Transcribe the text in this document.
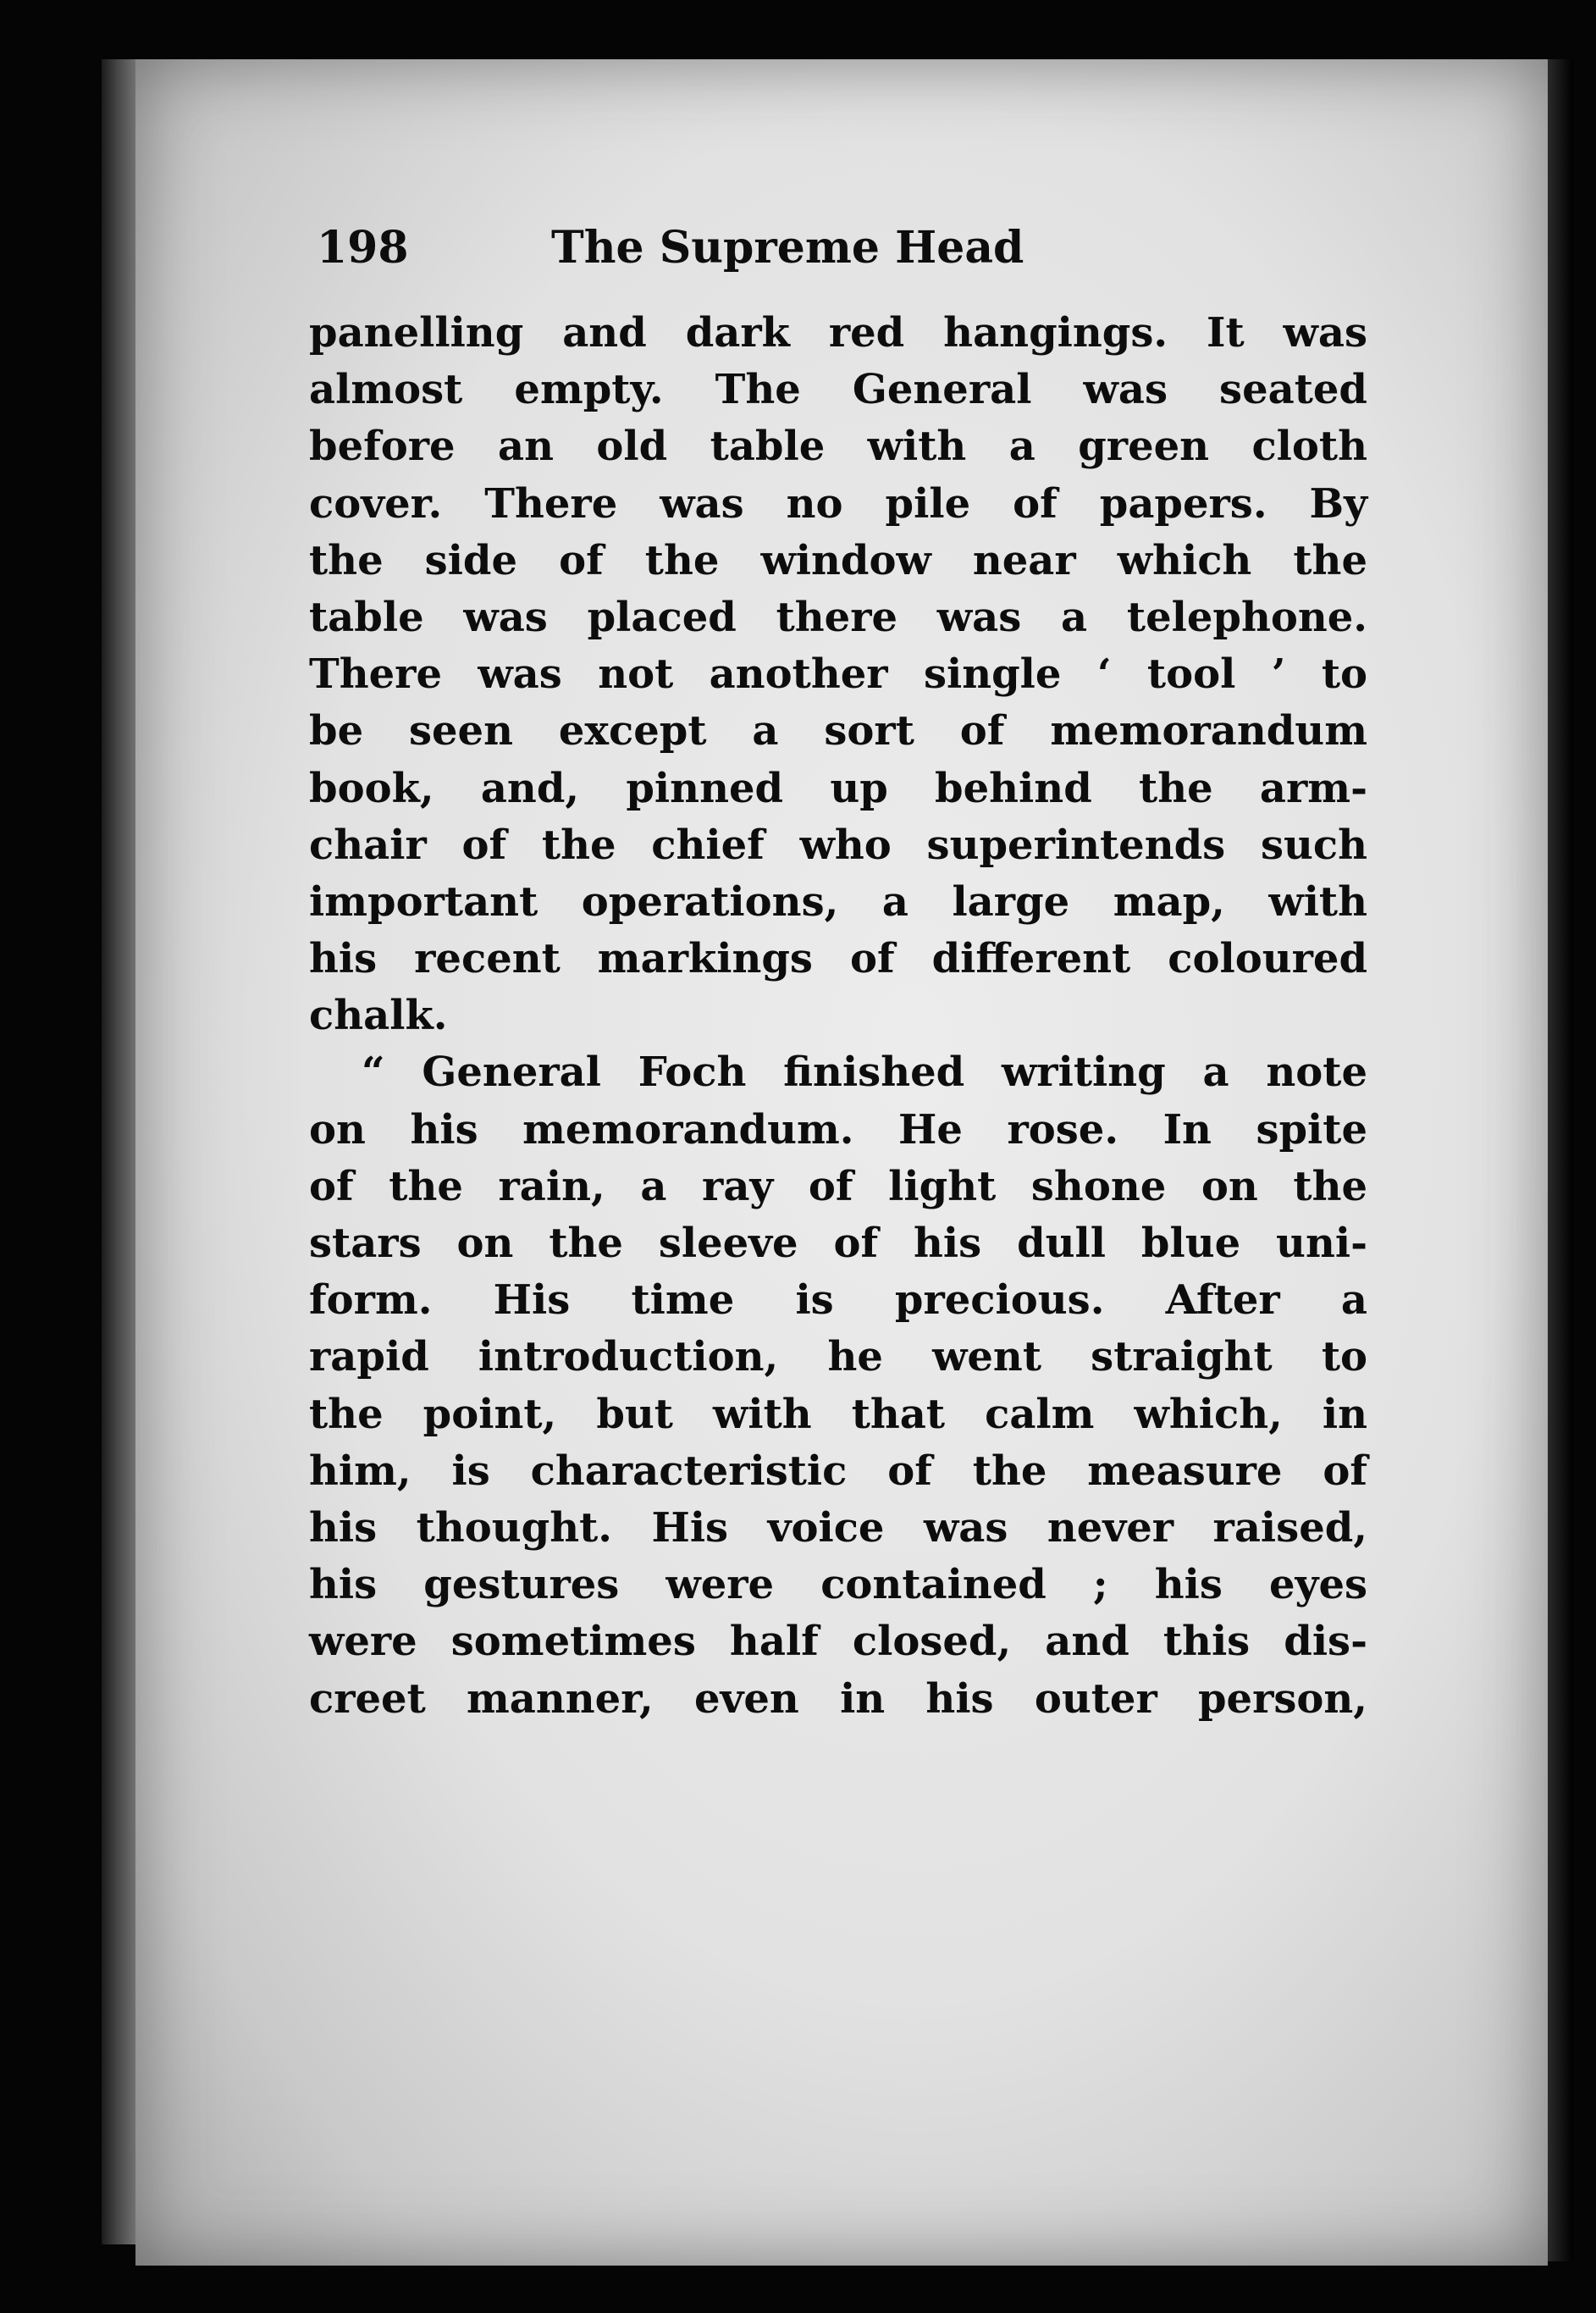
198	The Supreme Head
panelling and dark red hangings. It was
almost empty. The General was seated
before an old table with a green cloth
cover. There was no pile of papers. By
the side of the window near which the
table was placed there was a telephone.
There was not another single ‘ tool ’ to
be seen except a sort of memorandum
book, and, pinned up behind the arm-
chair of the chief who superintends such
important operations, a large map, with
his recent markings of different coloured
chalk.
“ General Foch finished writing a note
on his memorandum. He rose. In spite
of the rain, a ray of light shone on the
stars on the sleeve of his dull blue uni-
form. His time is precious. After a
rapid introduction, he went straight to
the point, but with that calm which, in
him, is characteristic of the measure of
his thought. His voice was never raised,
his gestures were contained ; his eyes
were sometimes half closed, and this dis-
creet manner, even in his outer person,
